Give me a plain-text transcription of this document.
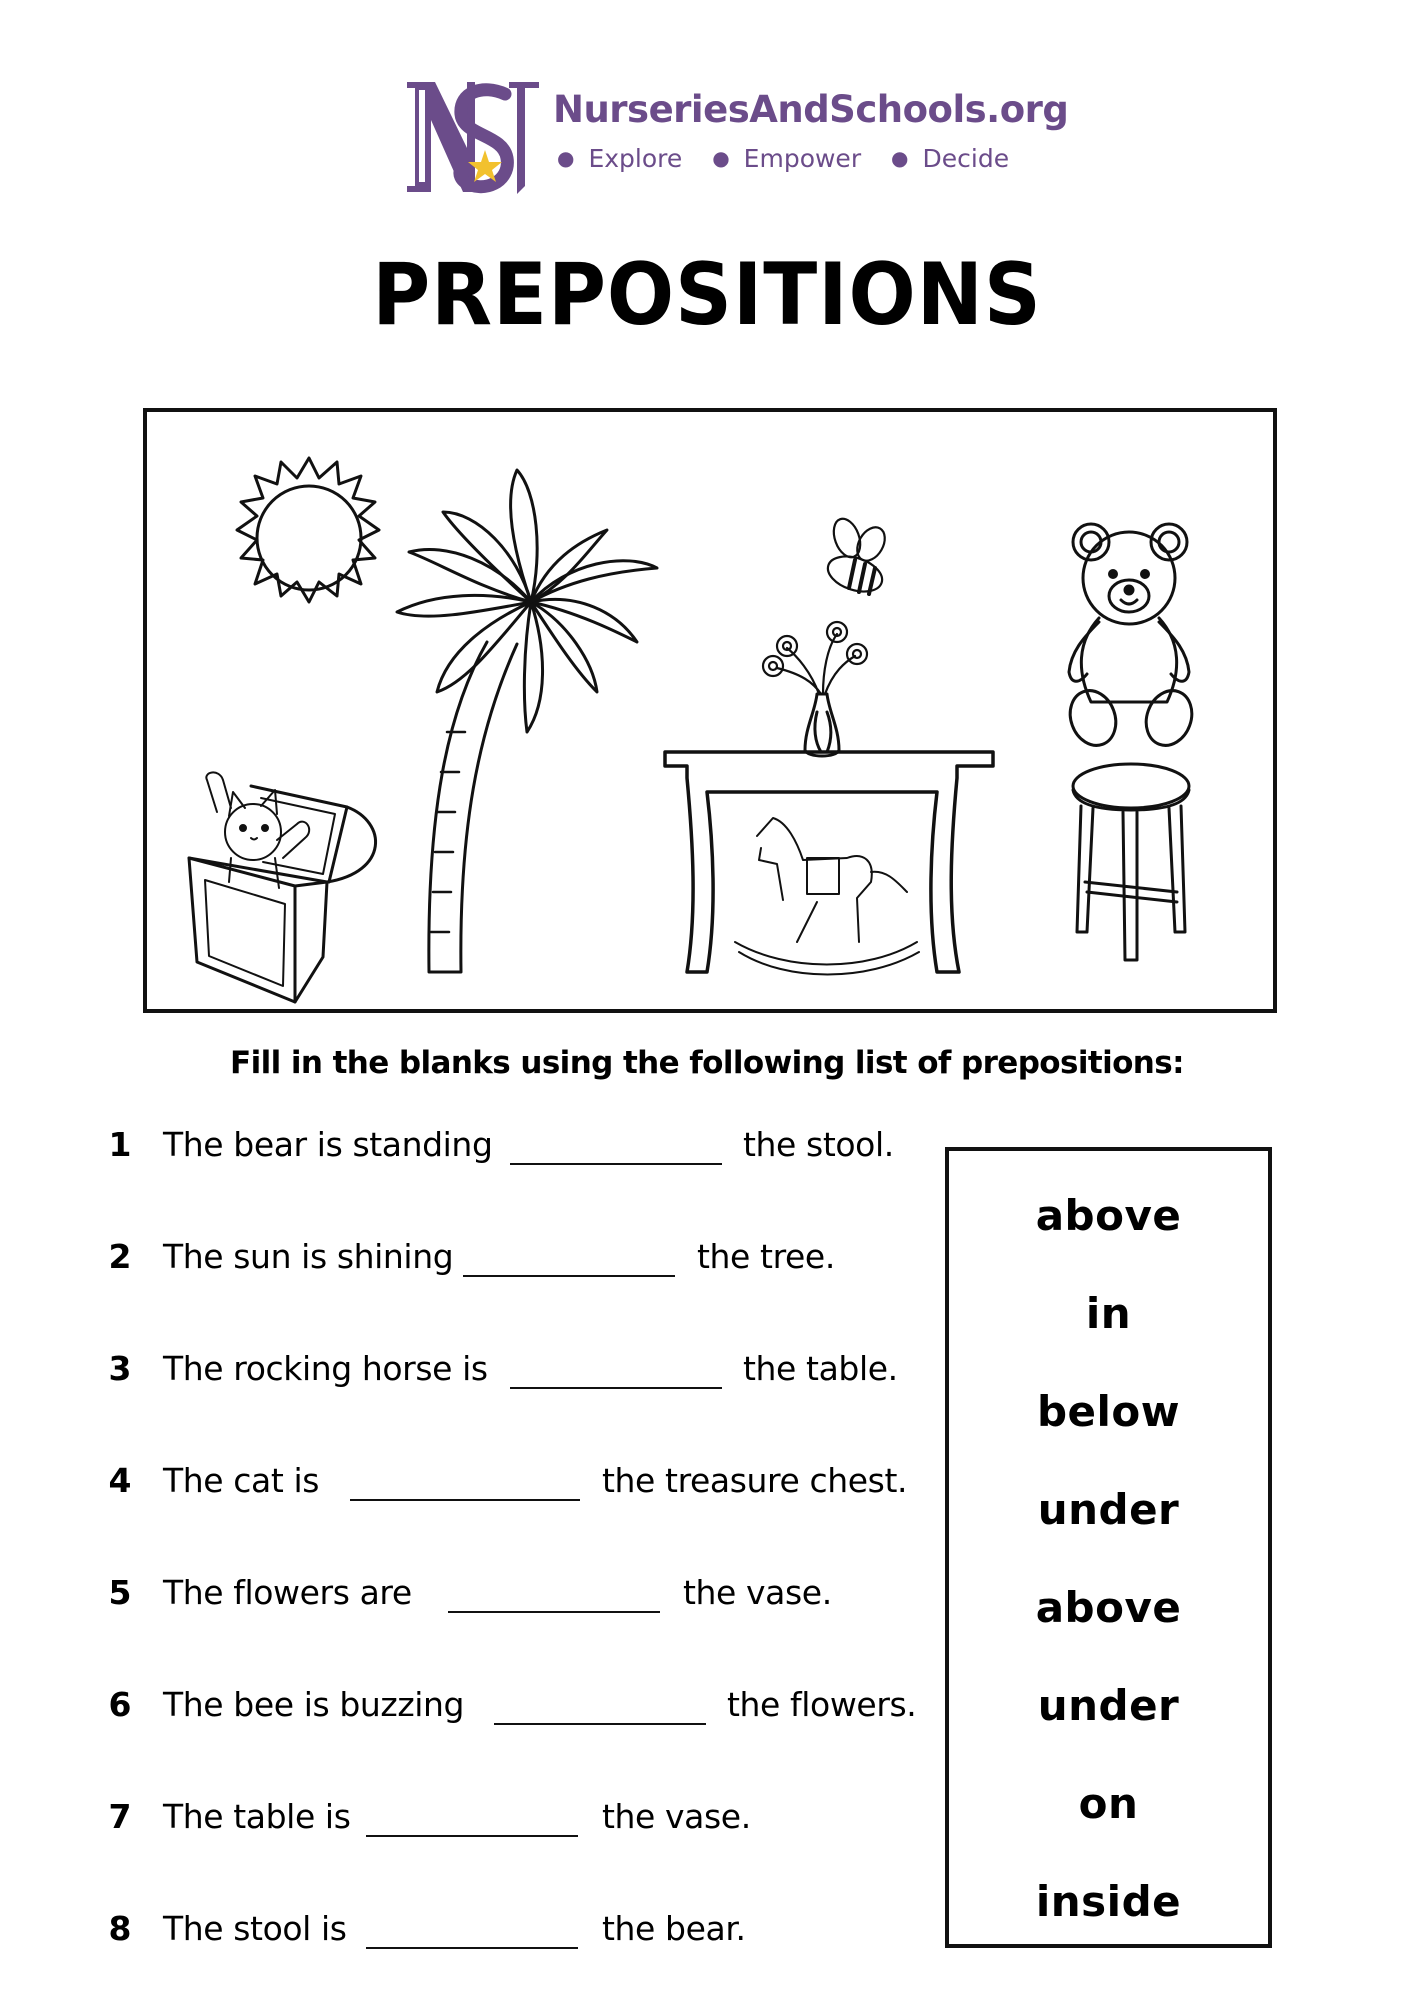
NurseriesAndSchools.org
● Explore ● Empower ● Decide
PREPOSITIONS
Fill in the blanks using the following list of prepositions:
1 The bear is standing	the stool.
2 The sun is shining	the tree.
3 The rocking horse is	the table.
4 The cat is	the treasure chest.
5 The flowers are	the vase.
6 The bee is buzzing	the flowers.
7 The table is	the vase.
8 The stool is	the bear.
above
in
below
under
above
under
on
inside
